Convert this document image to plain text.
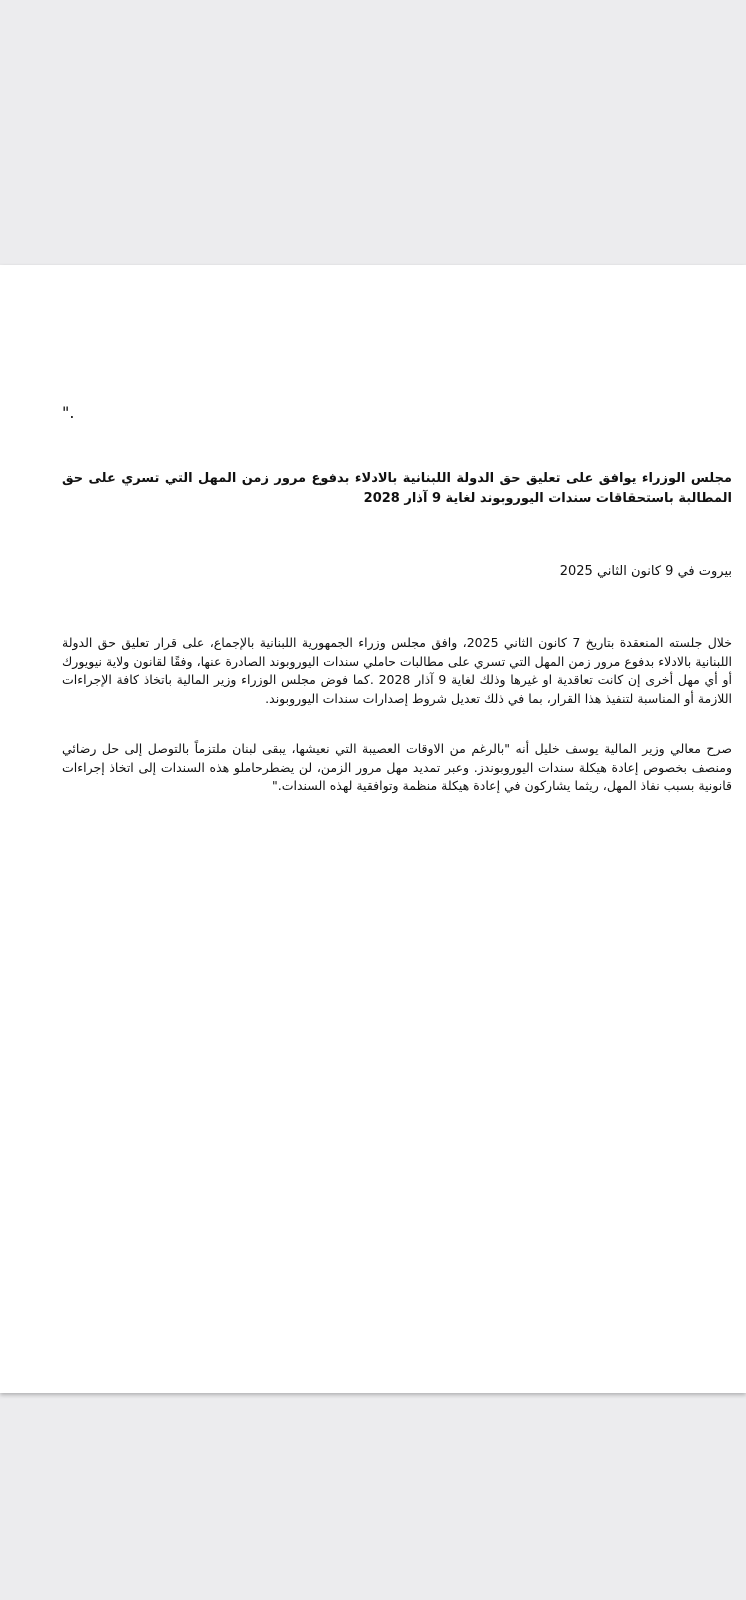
".
مجلس الوزراء يوافق على تعليق حق الدولة اللبنانية بالادلاء بدفوع مرور زمن المهل التي تسري على حق المطالبة باستحقاقات سندات اليوروبوند لغاية 9 آذار 2028
بيروت في 9 كانون الثاني 2025
خلال جلسته المنعقدة بتاريخ 7 كانون الثاني 2025، وافق مجلس وزراء الجمهورية اللبنانية بالإجماع، على قرار تعليق حق الدولة اللبنانية بالادلاء بدفوع مرور زمن المهل التي تسري على مطالبات حاملي سندات اليوروبوند الصادرة عنها، وفقًا لقانون ولاية نيويورك أو أي مهل أخرى إن كانت تعاقدية او غيرها وذلك لغاية 9 آذار 2028 .كما فوض مجلس الوزراء وزير المالية باتخاذ كافة الإجراءات اللازمة أو المناسبة لتنفيذ هذا القرار، بما في ذلك تعديل شروط إصدارات سندات اليوروبوند.
صرح معالي وزير المالية يوسف خليل أنه "بالرغم من الاوقات العصيبة التي نعيشها، يبقى لبنان ملتزماً بالتوصل إلى حل رضائي ومنصف بخصوص إعادة هيكلة سندات اليوروبوندز. وعبر تمديد مهل مرور الزمن، لن يضطرحاملو هذه السندات إلى اتخاذ إجراءات قانونية بسبب نفاذ المهل، ريثما يشاركون في إعادة هيكلة منظمة وتوافقية لهذه السندات."
